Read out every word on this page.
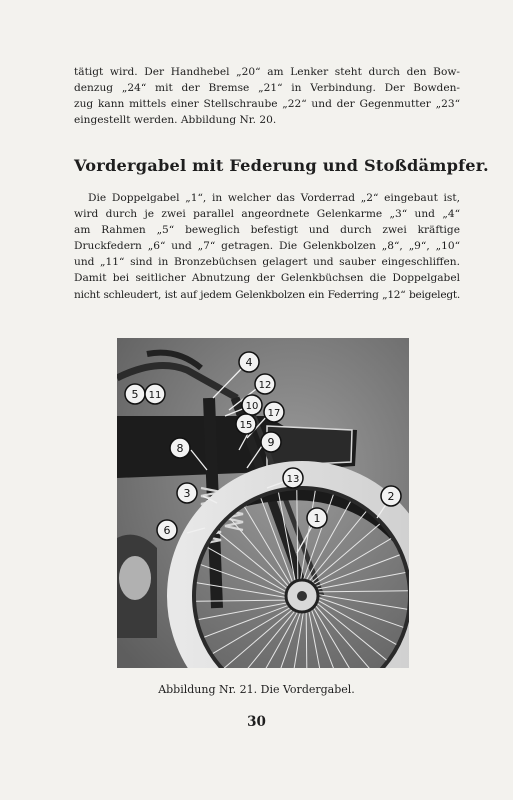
tätigt wird. Der Handhebel „20“ am Lenker steht durch den Bow-
denzug „24“ mit der Bremse „21“ in Verbindung. Der Bowden-
zug kann mittels einer Stellschraube „22“ und der Gegenmutter „23“
eingestellt werden. Abbildung Nr. 20.

Vordergabel mit Federung und Stoßdämpfer.

Die Doppelgabel „1“, in welcher das Vorderrad „2“ eingebaut ist,
wird durch je zwei parallel angeordnete Gelenkarme „3“ und „4“
am Rahmen „5“ beweglich befestigt und durch zwei kräftige
Druckfedern „6“ und „7“ getragen. Die Gelenkbolzen „8“, „9“, „10“
und „11“ sind in Bronzebüchsen gelagert und sauber eingeschliffen.
Damit bei seitlicher Abnutzung der Gelenkbüchsen die Doppelgabel
nicht schleudert, ist auf jedem Gelenkbolzen ein Federring „12“ beigelegt.

4
12
5 11
10
17
15
8	9
13
3	2
6
1

Abbildung Nr. 21. Die Vordergabel.

30
